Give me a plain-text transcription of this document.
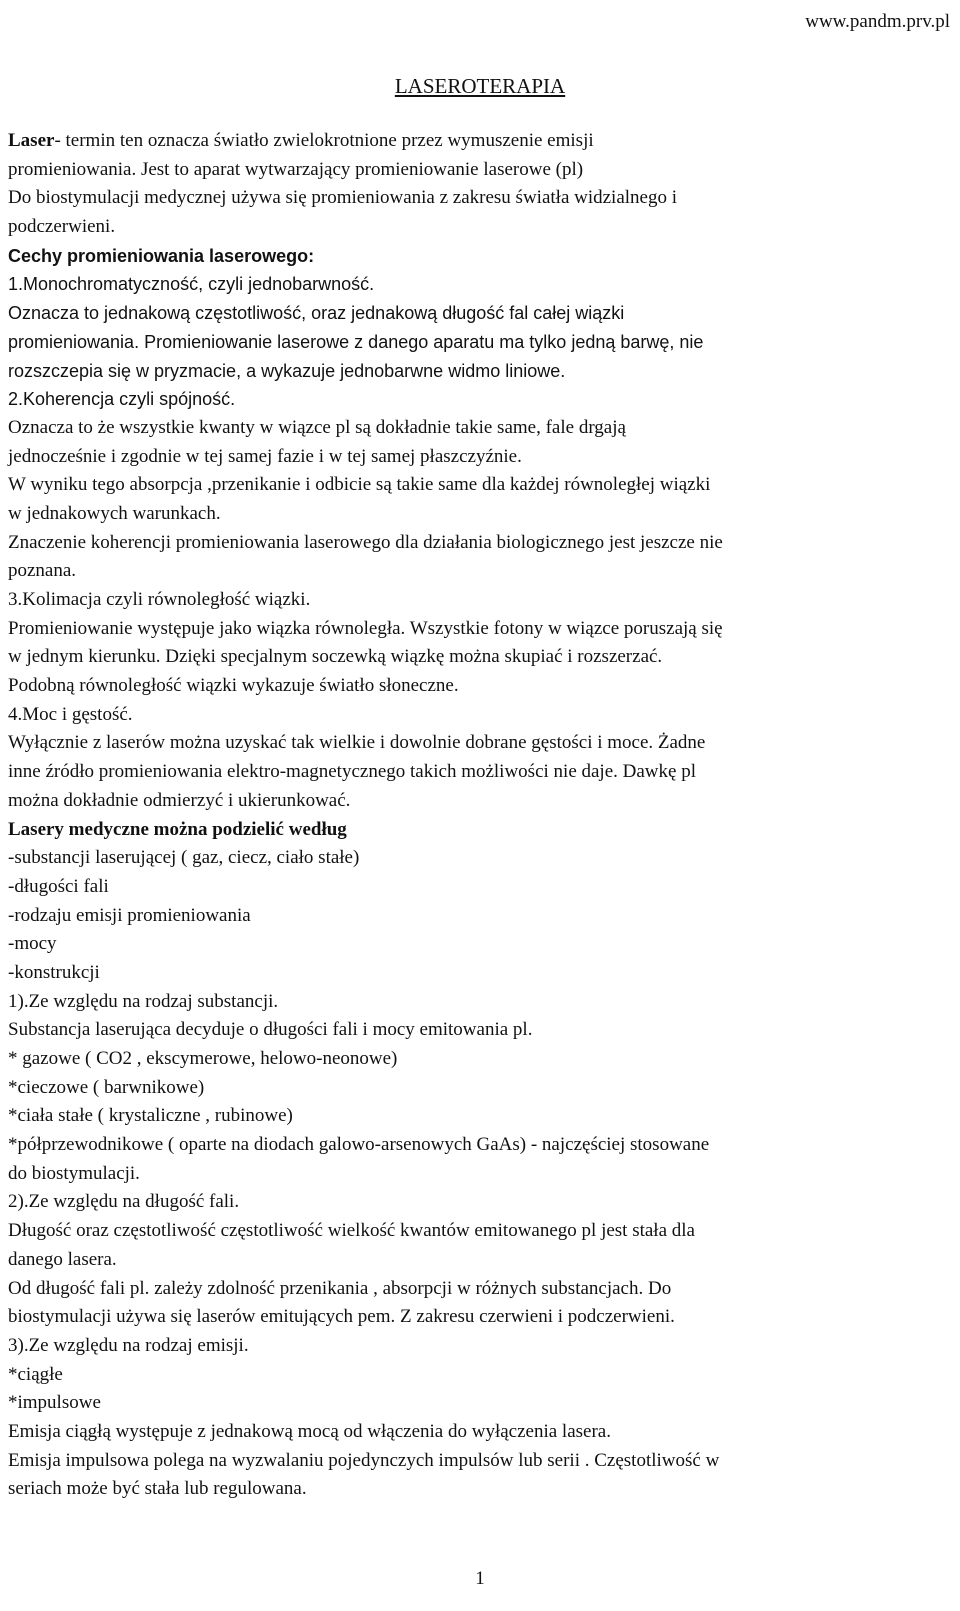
www.pandm.prv.pl
LASEROTERAPIA
Laser- termin ten oznacza światło zwielokrotnione przez wymuszenie emisji
promieniowania. Jest to aparat wytwarzający promieniowanie laserowe (pl)
Do biostymulacji medycznej używa się promieniowania z zakresu światła widzialnego i
podczerwieni.
Cechy promieniowania laserowego:
1.Monochromatyczność, czyli jednobarwność.
Oznacza to jednakową częstotliwość, oraz jednakową długość fal całej wiązki
promieniowania. Promieniowanie laserowe z danego aparatu ma tylko jedną barwę, nie
rozszczepia się w pryzmacie, a wykazuje jednobarwne widmo liniowe.
2.Koherencja czyli spójność.
Oznacza to że wszystkie kwanty w wiązce pl są dokładnie takie same, fale drgają
jednocześnie i zgodnie w tej samej fazie i w tej samej płaszczyźnie.
W wyniku tego absorpcja ,przenikanie i odbicie są takie same dla każdej równoległej wiązki
w jednakowych warunkach.
Znaczenie koherencji promieniowania laserowego dla działania biologicznego jest jeszcze nie
poznana.
3.Kolimacja czyli równoległość wiązki.
Promieniowanie występuje jako wiązka równoległa. Wszystkie fotony w wiązce poruszają się
w jednym kierunku. Dzięki specjalnym soczewką wiązkę można skupiać i rozszerzać.
Podobną równoległość wiązki wykazuje światło słoneczne.
4.Moc i gęstość.
Wyłącznie z laserów można uzyskać tak wielkie i dowolnie dobrane gęstości i moce. Żadne
inne źródło promieniowania elektro-magnetycznego takich możliwości nie daje. Dawkę pl
można dokładnie odmierzyć i ukierunkować.
Lasery medyczne można podzielić według
-substancji laserującej ( gaz, ciecz, ciało stałe)
-długości fali
-rodzaju emisji promieniowania
-mocy
-konstrukcji
1).Ze względu na rodzaj substancji.
Substancja laserująca decyduje o długości fali i mocy emitowania pl.
* gazowe ( CO2 , ekscymerowe, helowo-neonowe)
*cieczowe ( barwnikowe)
*ciała stałe ( krystaliczne , rubinowe)
*półprzewodnikowe ( oparte na diodach galowo-arsenowych GaAs) - najczęściej stosowane
do biostymulacji.
2).Ze względu na długość fali.
Długość oraz częstotliwość częstotliwość wielkość kwantów emitowanego pl jest stała dla
danego lasera.
Od długość fali pl. zależy zdolność przenikania , absorpcji w różnych substancjach. Do
biostymulacji używa się laserów emitujących pem. Z zakresu czerwieni i podczerwieni.
3).Ze względu na rodzaj emisji.
*ciągłe
*impulsowe
Emisja ciągłą występuje z jednakową mocą od włączenia do wyłączenia lasera.
Emisja impulsowa polega na wyzwalaniu pojedynczych impulsów lub serii . Częstotliwość w
seriach może być stała lub regulowana.
1
